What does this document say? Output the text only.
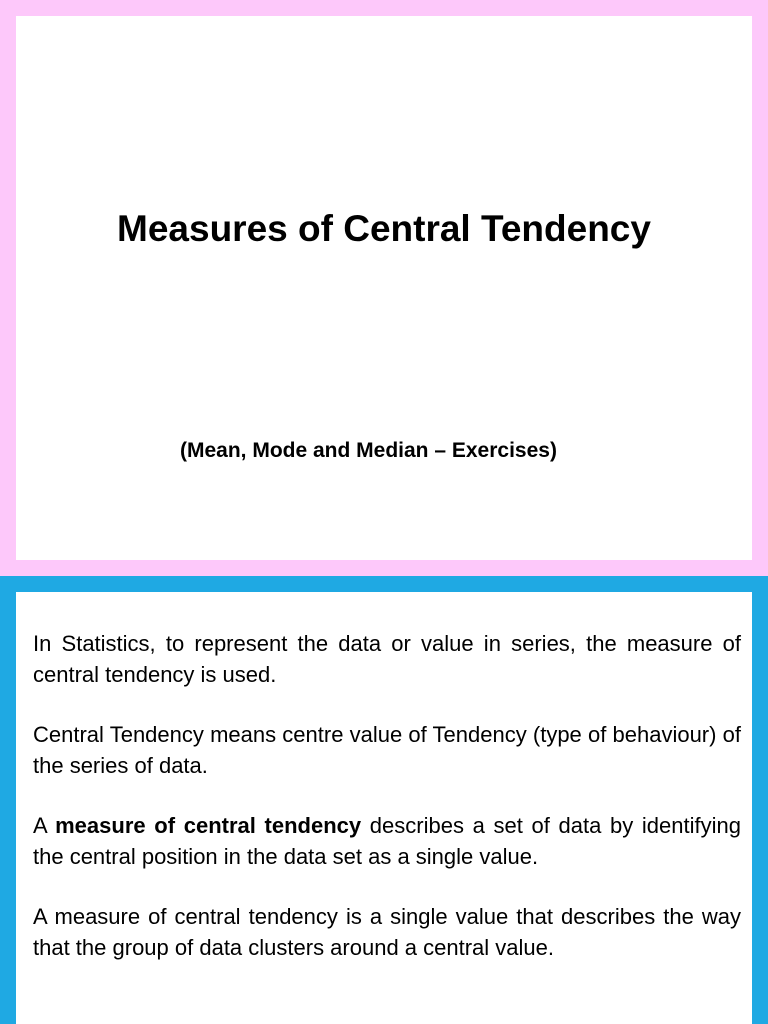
Measures of Central Tendency

(Mean, Mode and Median – Exercises)

In Statistics, to represent the data or value in series, the measure of central tendency is used.

Central Tendency means centre value of Tendency (type of behaviour) of the series of data.

A measure of central tendency describes a set of data by identifying the central position in the data set as a single value.

A measure of central tendency is a single value that describes the way that the group of data clusters around a central value.
